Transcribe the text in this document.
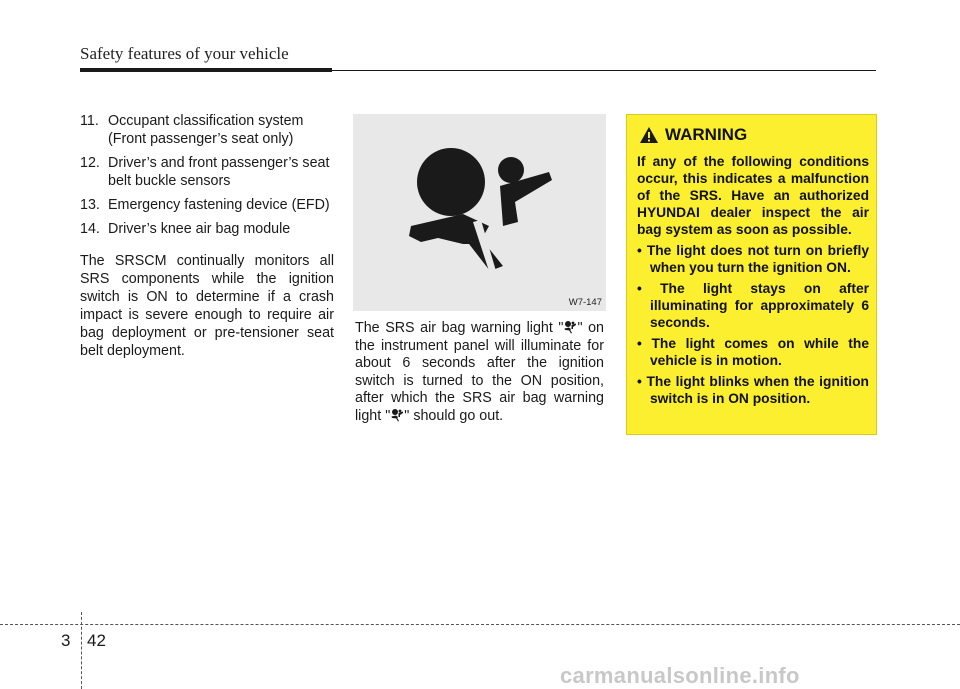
Safety features of your vehicle
11. Occupant classification system (Front passenger’s seat only)
12. Driver’s and front passenger’s seat belt buckle sensors
13. Emergency fastening device (EFD)
14. Driver’s knee air bag module
The SRSCM continually monitors all SRS components while the ignition switch is ON to determine if a crash impact is severe enough to require air bag deployment or pre-tensioner seat belt deployment.
W7-147
The SRS air bag warning light " " on the instrument panel will illuminate for about 6 seconds after the ignition switch is turned to the ON position, after which the SRS air bag warning light " " should go out.
WARNING
If any of the following conditions occur, this indicates a malfunction of the SRS. Have an authorized HYUNDAI dealer inspect the air bag system as soon as possible.
• The light does not turn on briefly when you turn the ignition ON.
• The light stays on after illuminating for approximately 6 seconds.
• The light comes on while the vehicle is in motion.
• The light blinks when the ignition switch is in ON position.
3 42
carmanualsonline.info
